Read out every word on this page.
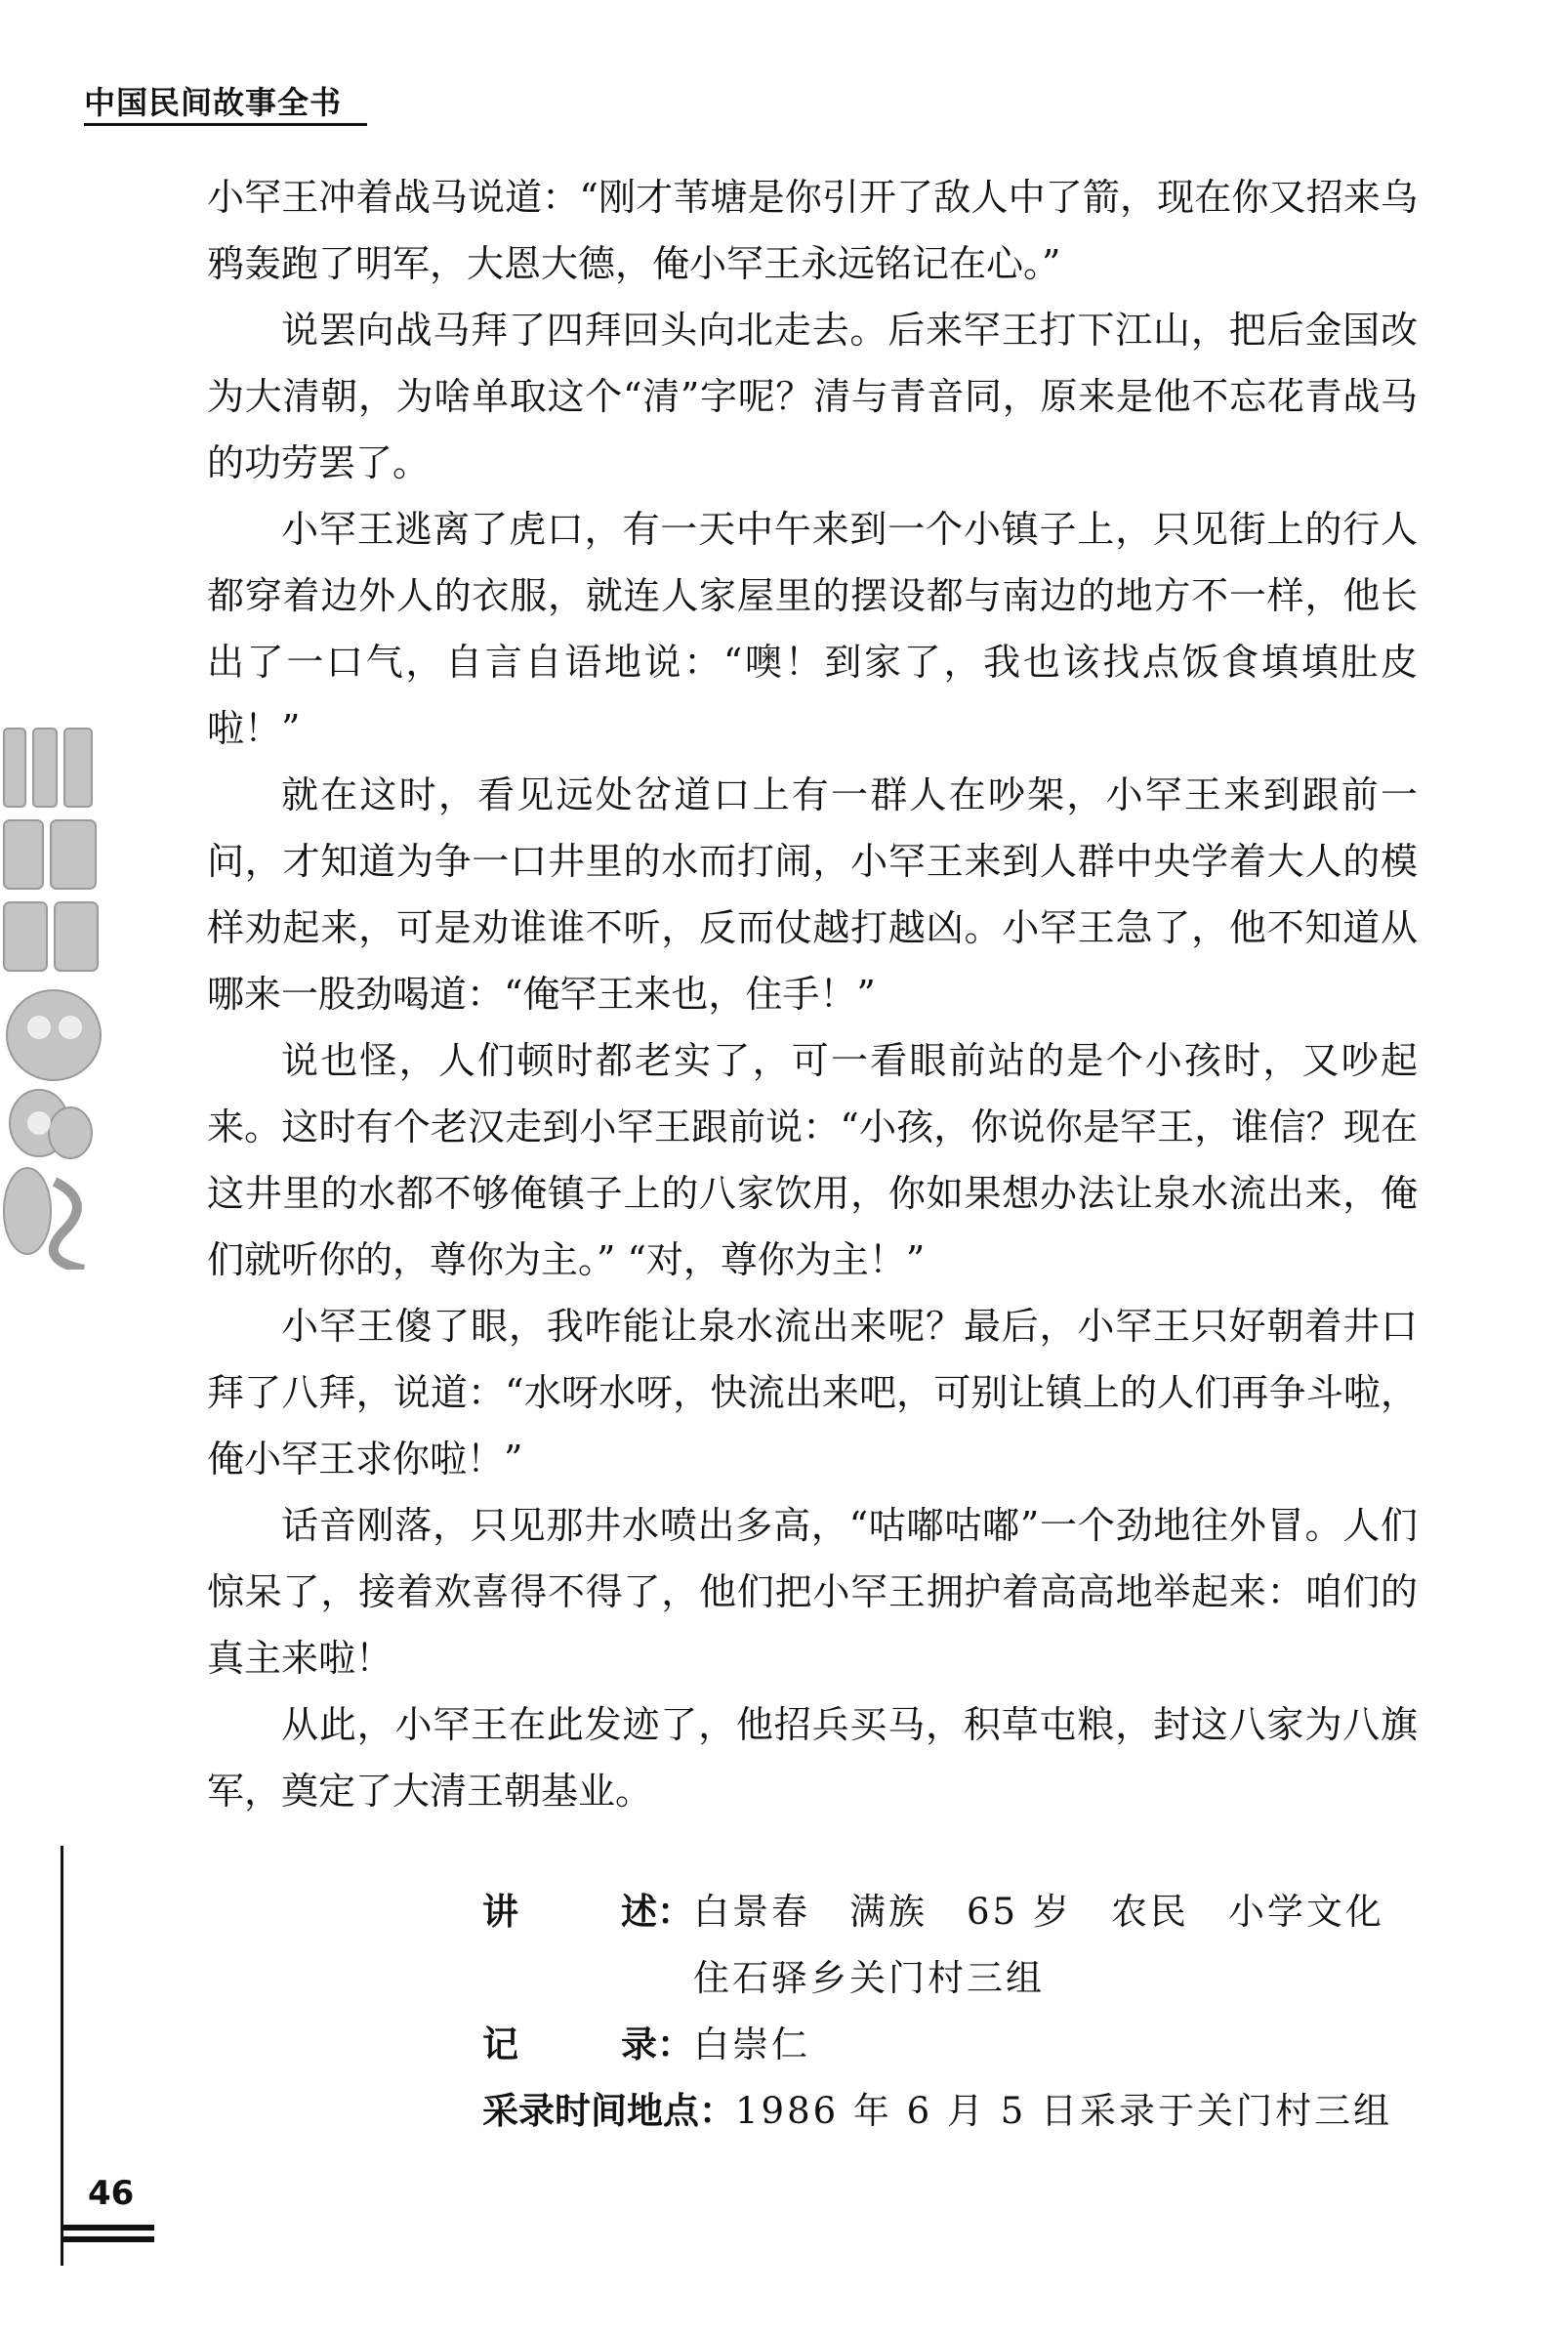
中国民间故事全书

小罕王冲着战马说道：“刚才苇塘是你引开了敌人中了箭，现在你又招来乌鸦轰跑了明军，大恩大德，俺小罕王永远铭记在心。”

说罢向战马拜了四拜回头向北走去。后来罕王打下江山，把后金国改为大清朝，为啥单取这个“清”字呢？清与青音同，原来是他不忘花青战马的功劳罢了。

小罕王逃离了虎口，有一天中午来到一个小镇子上，只见街上的行人都穿着边外人的衣服，就连人家屋里的摆设都与南边的地方不一样，他长出了一口气，自言自语地说：“噢！到家了，我也该找点饭食填填肚皮啦！”

就在这时，看见远处岔道口上有一群人在吵架，小罕王来到跟前一问，才知道为争一口井里的水而打闹，小罕王来到人群中央学着大人的模样劝起来，可是劝谁谁不听，反而仗越打越凶。小罕王急了，他不知道从哪来一股劲喝道：“俺罕王来也，住手！”

说也怪，人们顿时都老实了，可一看眼前站的是个小孩时，又吵起来。这时有个老汉走到小罕王跟前说：“小孩，你说你是罕王，谁信？现在这井里的水都不够俺镇子上的八家饮用，你如果想办法让泉水流出来，俺们就听你的，尊你为主。” “对，尊你为主！”

小罕王傻了眼，我咋能让泉水流出来呢？最后，小罕王只好朝着井口拜了八拜，说道：“水呀水呀，快流出来吧，可别让镇上的人们再争斗啦，俺小罕王求你啦！”

话音刚落，只见那井水喷出多高，“咕嘟咕嘟”一个劲地往外冒。人们惊呆了，接着欢喜得不得了，他们把小罕王拥护着高高地举起来：咱们的真主来啦！

从此，小罕王在此发迹了，他招兵买马，积草屯粮，封这八家为八旗军，奠定了大清王朝基业。

讲	述： 白景春　满族　65 岁　农民　小学文化
住石驿乡关门村三组
记	录： 白崇仁
采录时间地点： 1986 年 6 月 5 日采录于关门村三组
46
